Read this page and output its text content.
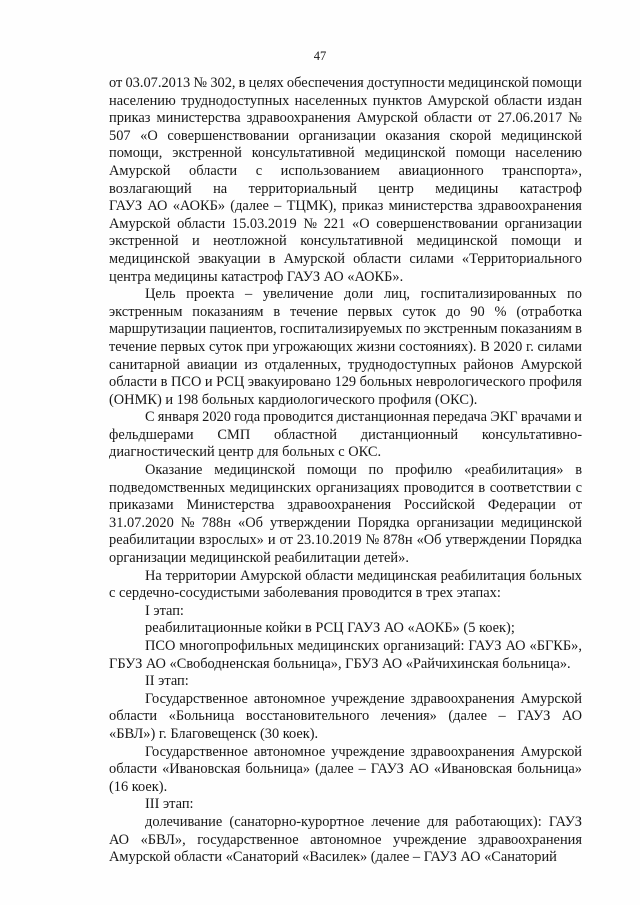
47
от 03.07.2013 № 302, в целях обеспечения доступности медицинской помощи
населению труднодоступных населенных пунктов Амурской области издан
приказ министерства здравоохранения Амурской области от 27.06.2017 №
507 «О совершенствовании организации оказания скорой медицинской
помощи, экстренной консультативной медицинской помощи населению
Амурской области с использованием авиационного транспорта»,
возлагающий на территориальный центр медицины катастроф
ГАУЗ АО «АОКБ» (далее – ТЦМК), приказ министерства здравоохранения
Амурской области 15.03.2019 № 221 «О совершенствовании организации
экстренной и неотложной консультативной медицинской помощи и
медицинской эвакуации в Амурской области силами «Территориального
центра медицины катастроф ГАУЗ АО «АОКБ».
Цель проекта – увеличение доли лиц, госпитализированных по
экстренным показаниям в течение первых суток до 90 % (отработка
маршрутизации пациентов, госпитализируемых по экстренным показаниям в
течение первых суток при угрожающих жизни состояниях). В 2020 г. силами
санитарной авиации из отдаленных, труднодоступных районов Амурской
области в ПСО и РСЦ эвакуировано 129 больных неврологического профиля
(ОНМК) и 198 больных кардиологического профиля (ОКС).
С января 2020 года проводится дистанционная передача ЭКГ врачами и
фельдшерами СМП областной дистанционный консультативно-
диагностический центр для больных с ОКС.
Оказание медицинской помощи по профилю «реабилитация» в
подведомственных медицинских организациях проводится в соответствии с
приказами Министерства здравоохранения Российской Федерации от
31.07.2020 № 788н «Об утверждении Порядка организации медицинской
реабилитации взрослых» и от 23.10.2019 № 878н «Об утверждении Порядка
организации медицинской реабилитации детей».
На территории Амурской области медицинская реабилитация больных
с сердечно-сосудистыми заболевания проводится в трех этапах:
I этап:
реабилитационные койки в РСЦ ГАУЗ АО «АОКБ» (5 коек);
ПСО многопрофильных медицинских организаций: ГАУЗ АО «БГКБ»,
ГБУЗ АО «Свободненская больница», ГБУЗ АО «Райчихинская больница».
II этап:
Государственное автономное учреждение здравоохранения Амурской
области «Больница восстановительного лечения» (далее – ГАУЗ АО
«БВЛ») г. Благовещенск (30 коек).
Государственное автономное учреждение здравоохранения Амурской
области «Ивановская больница» (далее – ГАУЗ АО «Ивановская больница»
(16 коек).
III этап:
долечивание (санаторно-курортное лечение для работающих): ГАУЗ
АО «БВЛ», государственное автономное учреждение здравоохранения
Амурской области «Санаторий «Василек» (далее – ГАУЗ АО «Санаторий
